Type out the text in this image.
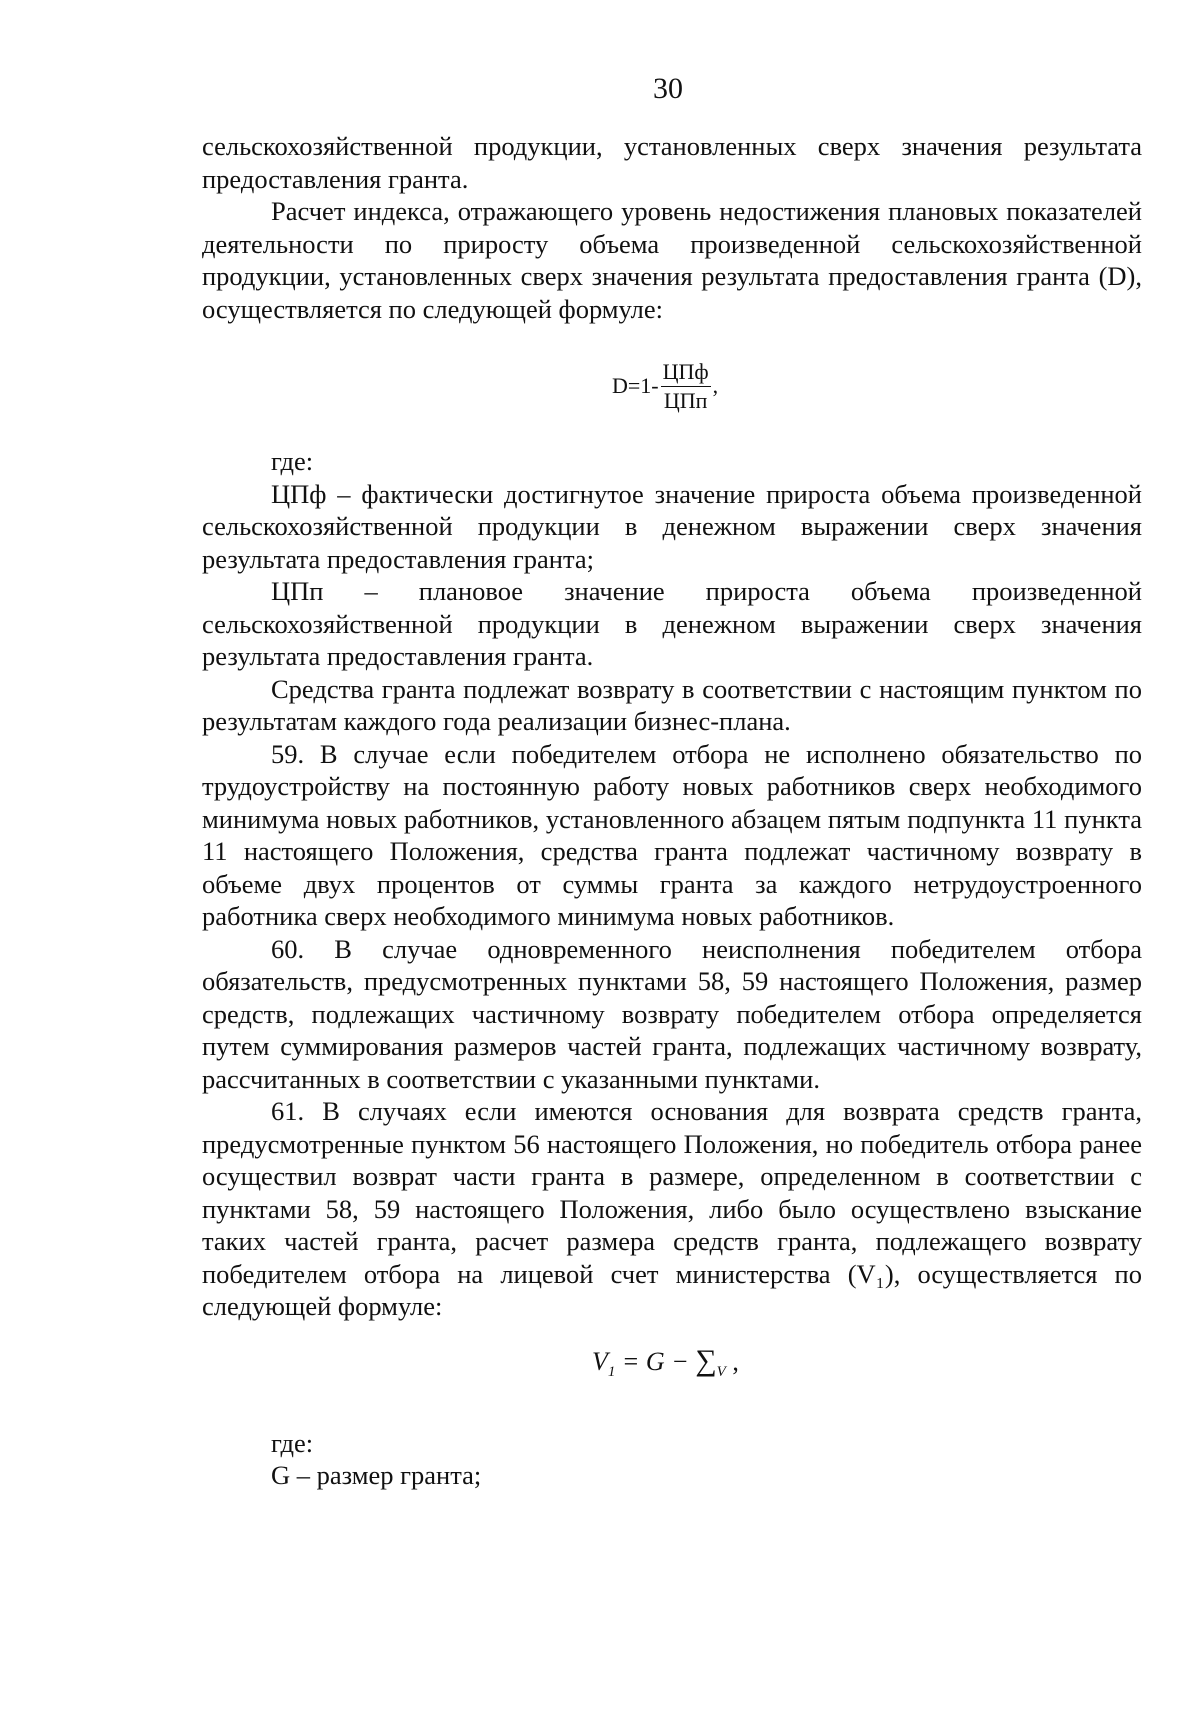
30

сельскохозяйственной продукции, установленных сверх значения результата предоставления гранта.

Расчет индекса, отражающего уровень недостижения плановых показателей деятельности по приросту объема произведенной сельскохозяйственной продукции, установленных сверх значения результата предоставления гранта (D), осуществляется по следующей формуле:

$D=1- \frac{\text{ЦПф}}{\text{ЦПп}}$ ,

где:

ЦПф – фактически достигнутое значение прироста объема произведенной сельскохозяйственной продукции в денежном выражении сверх значения результата предоставления гранта;

ЦПп – плановое значение прироста объема произведенной сельскохозяйственной продукции в денежном выражении сверх значения результата предоставления гранта.

Средства гранта подлежат возврату в соответствии с настоящим пунктом по результатам каждого года реализации бизнес-плана.

59. В случае если победителем отбора не исполнено обязательство по трудоустройству на постоянную работу новых работников сверх необходимого минимума новых работников, установленного абзацем пятым подпункта 11 пункта 11 настоящего Положения, средства гранта подлежат частичному возврату в объеме двух процентов от суммы гранта за каждого нетрудоустроенного работника сверх необходимого минимума новых работников.

60. В случае одновременного неисполнения победителем отбора обязательств, предусмотренных пунктами 58, 59 настоящего Положения, размер средств, подлежащих частичному возврату победителем отбора определяется путем суммирования размеров частей гранта, подлежащих частичному возврату, рассчитанных в соответствии с указанными пунктами.

61. В случаях если имеются основания для возврата средств гранта, предусмотренные пунктом 56 настоящего Положения, но победитель отбора ранее осуществил возврат части гранта в размере, определенном в соответствии с пунктами 58, 59 настоящего Положения, либо было осуществлено взыскание таких частей гранта, расчет размера средств гранта, подлежащего возврату победителем отбора на лицевой счет министерства (V₁), осуществляется по следующей формуле:

$V_1 = G - \sum_V$ ,

где:

G – размер гранта;
